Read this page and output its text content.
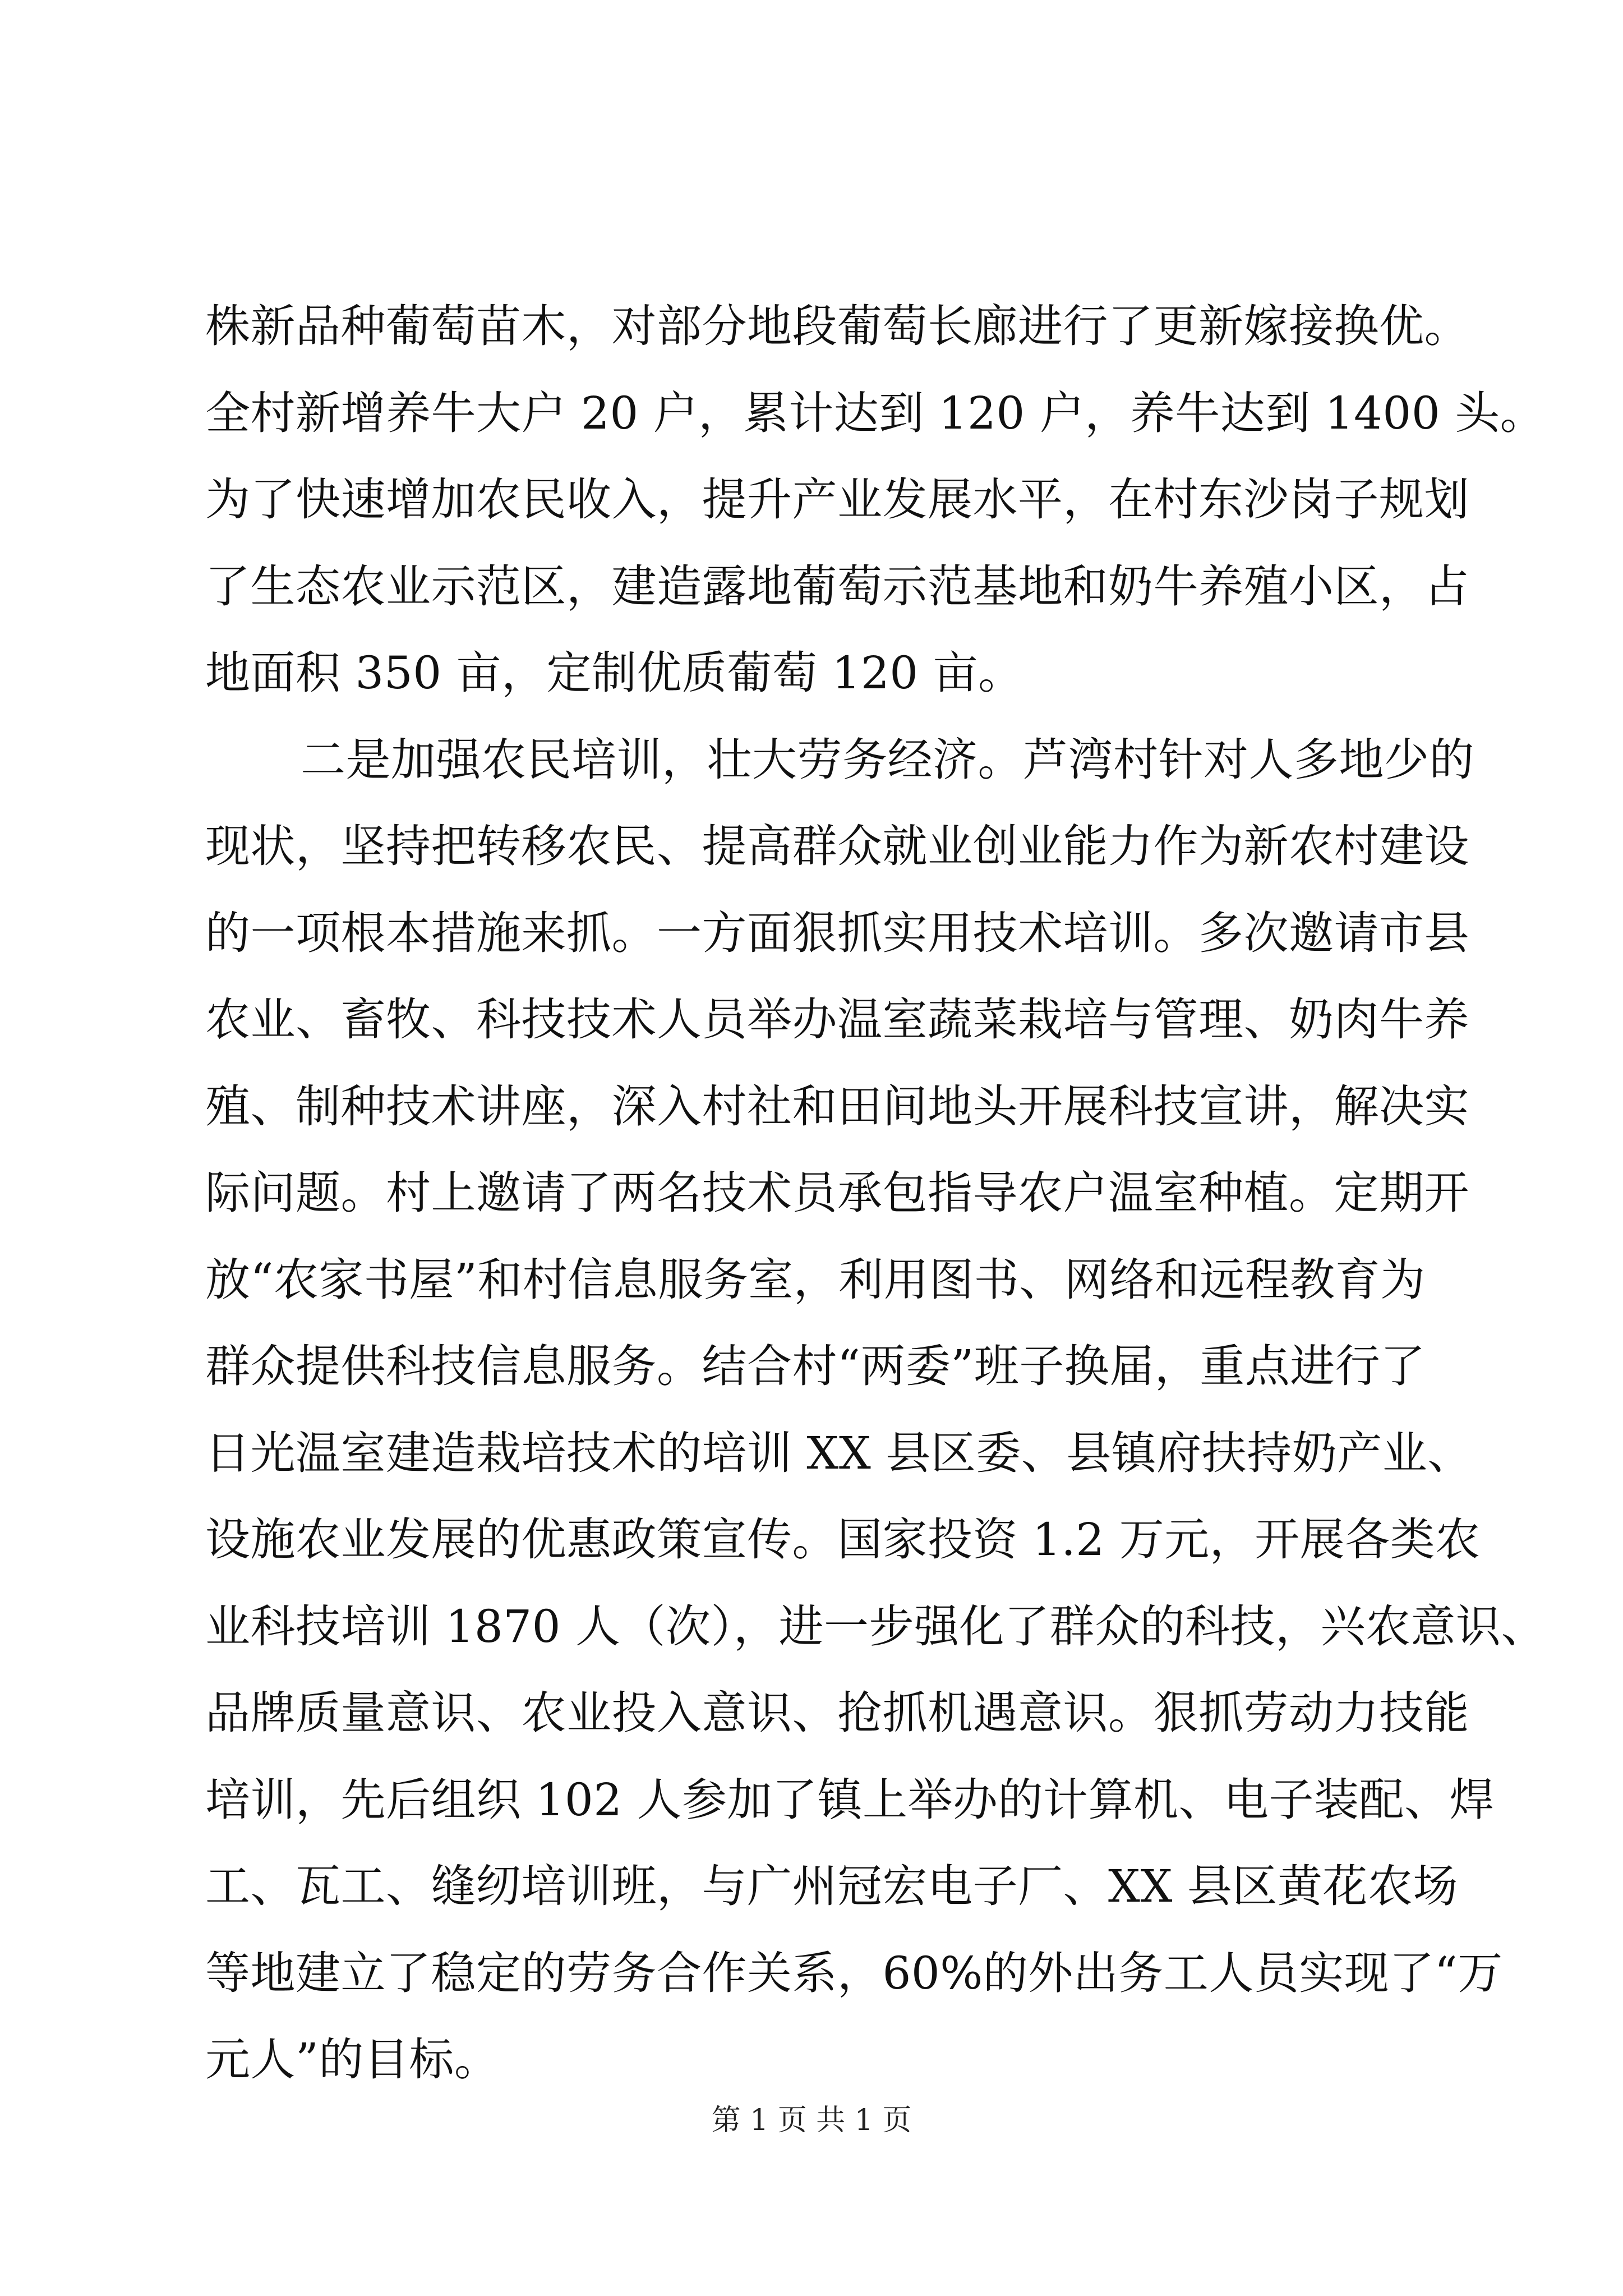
株新品种葡萄苗木，对部分地段葡萄长廊进行了更新嫁接换优。
全村新增养牛大户 20 户，累计达到 120 户，养牛达到 1400 头。
为了快速增加农民收入，提升产业发展水平，在村东沙岗子规划
了生态农业示范区，建造露地葡萄示范基地和奶牛养殖小区，占
地面积 350 亩，定制优质葡萄 120 亩。
二是加强农民培训，壮大劳务经济。芦湾村针对人多地少的
现状，坚持把转移农民、提高群众就业创业能力作为新农村建设
的一项根本措施来抓。一方面狠抓实用技术培训。多次邀请市县
农业、畜牧、科技技术人员举办温室蔬菜栽培与管理、奶肉牛养
殖、制种技术讲座，深入村社和田间地头开展科技宣讲，解决实
际问题。村上邀请了两名技术员承包指导农户温室种植。定期开
放“农家书屋”和村信息服务室，利用图书、网络和远程教育为
群众提供科技信息服务。结合村“两委”班子换届，重点进行了
日光温室建造栽培技术的培训 XX 县区委、县镇府扶持奶产业、
设施农业发展的优惠政策宣传。国家投资 1.2 万元，开展各类农
业科技培训 1870 人（次），进一步强化了群众的科技，兴农意识、
品牌质量意识、农业投入意识、抢抓机遇意识。狠抓劳动力技能
培训，先后组织 102 人参加了镇上举办的计算机、电子装配、焊
工、瓦工、缝纫培训班，与广州冠宏电子厂、XX 县区黄花农场
等地建立了稳定的劳务合作关系，60%的外出务工人员实现了“万
元人”的目标。
第 1 页 共 1 页
